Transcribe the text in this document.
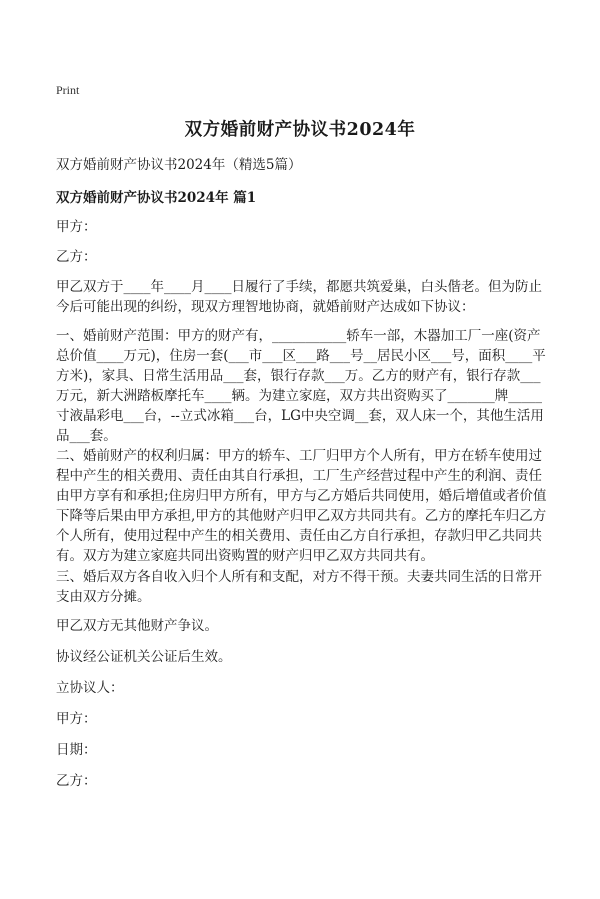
Print
双方婚前财产协议书2024年
双方婚前财产协议书2024年（精选5篇）
双方婚前财产协议书2024年 篇1

甲方：

乙方：

甲乙双方于____年____月____日履行了手续，都愿共筑爱巢，白头偕老。但为防止今后可能出现的纠纷，现双方理智地协商，就婚前财产达成如下协议：

一、婚前财产范围：甲方的财产有，___________轿车一部，木器加工厂一座(资产总价值____万元)，住房一套(___市___区___路___号__居民小区___号，面积____平方米)，家具、日常生活用品___套，银行存款___万。乙方的财产有，银行存款___万元，新大洲踏板摩托车____辆。为建立家庭，双方共出资购买了_______牌_____寸液晶彩电___台，--立式冰箱___台，LG中央空调__套，双人床一个，其他生活用品___套。

二、婚前财产的权利归属：甲方的轿车、工厂归甲方个人所有，甲方在轿车使用过程中产生的相关费用、责任由其自行承担，工厂生产经营过程中产生的利润、责任由甲方享有和承担;住房归甲方所有，甲方与乙方婚后共同使用，婚后增值或者价值下降等后果由甲方承担,甲方的其他财产归甲乙双方共同共有。乙方的摩托车归乙方个人所有，使用过程中产生的相关费用、责任由乙方自行承担，存款归甲乙共同共有。双方为建立家庭共同出资购置的财产归甲乙双方共同共有。

三、婚后双方各自收入归个人所有和支配，对方不得干预。夫妻共同生活的日常开支由双方分摊。

甲乙双方无其他财产争议。

协议经公证机关公证后生效。

立协议人：

甲方：

日期：

乙方：
